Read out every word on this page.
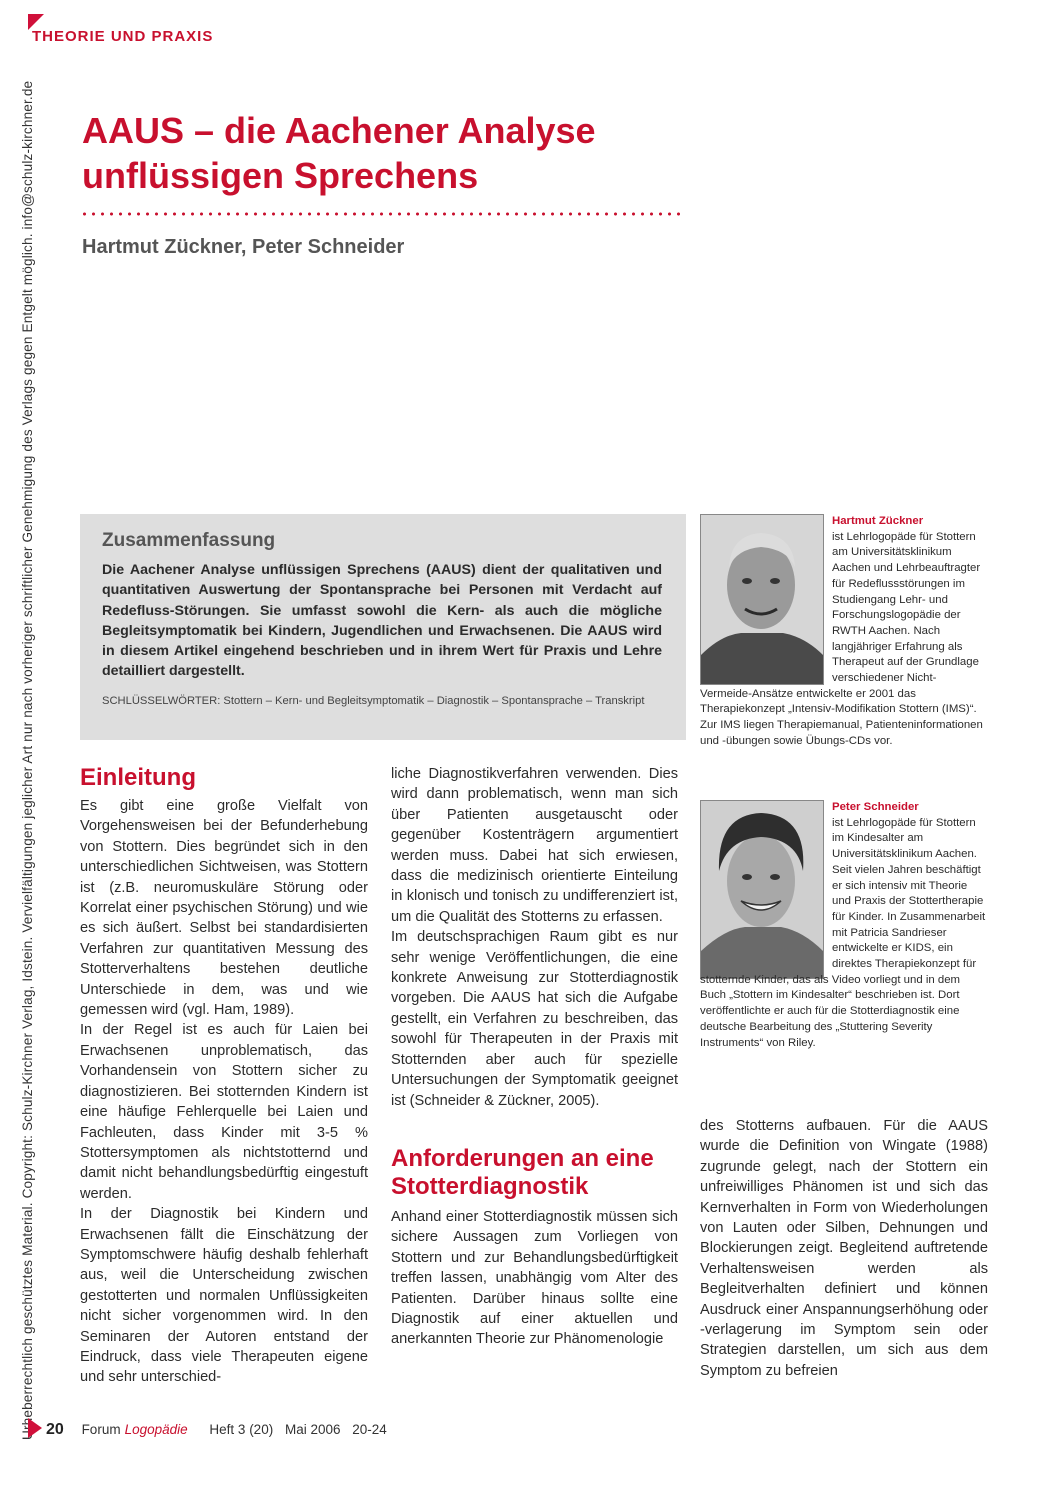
THEORIE UND PRAXIS
Urheberrechtlich geschütztes Material. Copyright: Schulz-Kirchner Verlag, Idstein. Vervielfältigungen jeglicher Art nur nach vorheriger schriftlicher Genehmigung des Verlags gegen Entgelt möglich. info@schulz-kirchner.de AAUS – die Aachener Analyse
unflüssigen Sprechens
Hartmut Zückner, Peter Schneider
Zusammenfassung

Die Aachener Analyse unflüssigen Sprechens (AAUS) dient der qualitativen und quantitativen Auswertung der Spontansprache bei Personen mit Verdacht auf Redefluss-Störungen. Sie umfasst sowohl die Kern- als auch die mögliche Begleitsymptomatik bei Kindern, Jugendlichen und Erwachsenen. Die AAUS wird in diesem Artikel eingehend beschrieben und in ihrem Wert für Praxis und Lehre detailliert dargestellt.

SCHLÜSSELWÖRTER: Stottern – Kern- und Begleitsymptomatik – Diagnostik – Spontansprache – Transkript

Hartmut Zückner
ist Lehrlogopäde für Stottern am Universitätsklinikum Aachen und Lehrbeauftragter für Redeflussstörungen im Studiengang Lehr- und Forschungslogopädie der RWTH Aachen. Nach langjähriger Erfahrung als Therapeut auf der Grundlage verschiedener Nicht-Vermeide-Ansätze entwickelte er 2001 das Therapiekonzept „Intensiv-Modifikation Stottern (IMS)“. Zur IMS liegen Therapiemanual, Patienteninformationen und -übungen sowie Übungs-CDs vor.
Peter Schneider
ist Lehrlogopäde für Stottern im Kindesalter am Universitätsklinikum Aachen. Seit vielen Jahren beschäftigt er sich intensiv mit Theorie und Praxis der Stottertherapie für Kinder. In Zusammenarbeit mit Patricia Sandrieser entwickelte er KIDS, ein direktes Therapiekonzept für stotternde Kinder, das als Video vorliegt und in dem Buch „Stottern im Kindesalter“ beschrieben ist. Dort veröffentlichte er auch für die Stotterdiagnostik eine deutsche Bearbeitung des „Stuttering Severity Instruments“ von Riley.
Einleitung

Es gibt eine große Vielfalt von Vorgehensweisen bei der Befunderhebung von Stottern. Dies begründet sich in den unterschiedlichen Sichtweisen, was Stottern ist (z.B. neuromuskuläre Störung oder Korrelat einer psychischen Störung) und wie es sich äußert. Selbst bei standardisierten Verfahren zur quantitativen Messung des Stotterverhaltens bestehen deutliche Unterschiede in dem, was und wie gemessen wird (vgl. Ham, 1989).

In der Regel ist es auch für Laien bei Erwachsenen unproblematisch, das Vorhandensein von Stottern sicher zu diagnostizieren. Bei stotternden Kindern ist eine häufige Fehlerquelle bei Laien und Fachleuten, dass Kinder mit 3-5 % Stottersymptomen als nichtstotternd und damit nicht behandlungsbedürftig eingestuft werden.

In der Diagnostik bei Kindern und Erwachsenen fällt die Einschätzung der Symptomschwere häufig deshalb fehlerhaft aus, weil die Unterscheidung zwischen gestotterten und normalen Unflüssigkeiten nicht sicher vorgenommen wird. In den Seminaren der Autoren entstand der Eindruck, dass viele Therapeuten eigene und sehr unterschied-

liche Diagnostikverfahren verwenden. Dies wird dann problematisch, wenn man sich über Patienten ausgetauscht oder gegenüber Kostenträgern argumentiert werden muss. Dabei hat sich erwiesen, dass die medizinisch orientierte Einteilung in klonisch und tonisch zu undifferenziert ist, um die Qualität des Stotterns zu erfassen.

Im deutschsprachigen Raum gibt es nur sehr wenige Veröffentlichungen, die eine konkrete Anweisung zur Stotterdiagnostik vorgeben. Die AAUS hat sich die Aufgabe gestellt, ein Verfahren zu beschreiben, das sowohl für Therapeuten in der Praxis mit Stotternden aber auch für spezielle Untersuchungen der Symptomatik geeignet ist (Schneider & Zückner, 2005).

Anforderungen an eine
Stotterdiagnostik

Anhand einer Stotterdiagnostik müssen sich sichere Aussagen zum Vorliegen von Stottern und zur Behandlungsbedürftigkeit treffen lassen, unabhängig vom Alter des Patienten. Darüber hinaus sollte eine Diagnostik auf einer aktuellen und anerkannten Theorie zur Phänomenologie

des Stotterns aufbauen. Für die AAUS wurde die Definition von Wingate (1988) zugrunde gelegt, nach der Stottern ein unfreiwilliges Phänomen ist und sich das Kernverhalten in Form von Wiederholungen von Lauten oder Silben, Dehnungen und Blockierungen zeigt. Begleitend auftretende Verhaltensweisen werden als Begleitverhalten definiert und können Ausdruck einer Anspannungserhöhung oder -verlagerung im Symptom sein oder Strategien darstellen, um sich aus dem Symptom zu befreien

20 Forum Logopädie Heft 3 (20) Mai 2006 20-24
